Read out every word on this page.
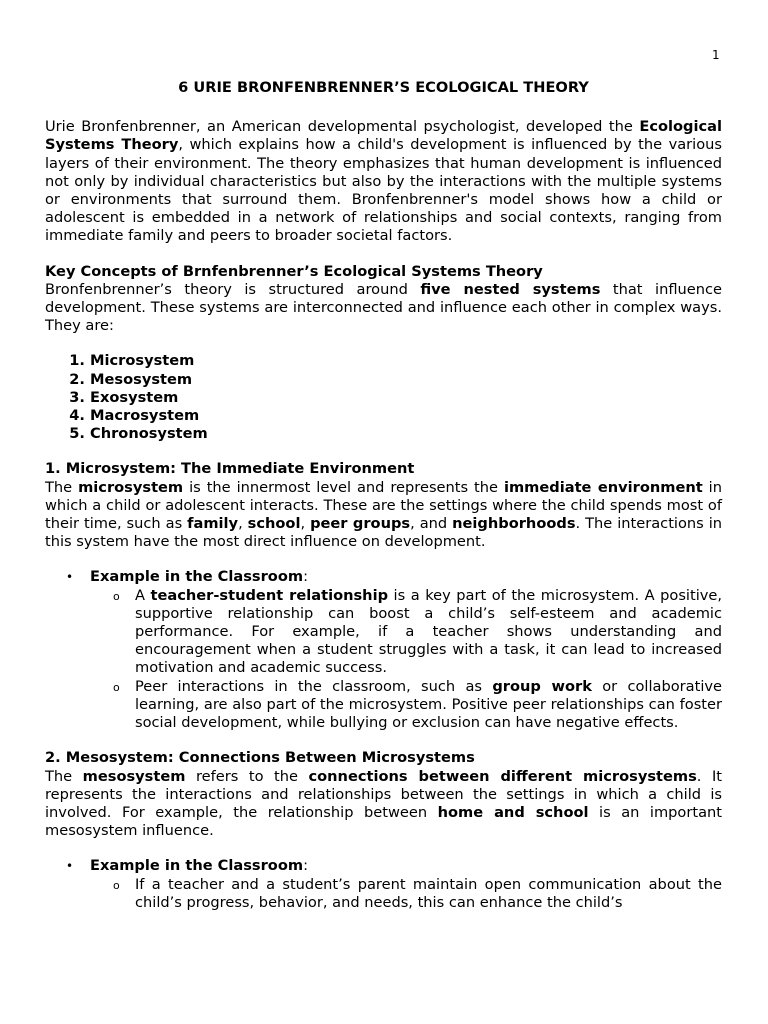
1

6 URIE BRONFENBRENNER’S ECOLOGICAL THEORY

Urie Bronfenbrenner, an American developmental psychologist, developed the Ecological Systems Theory, which explains how a child's development is influenced by the various layers of their environment. The theory emphasizes that human development is influenced not only by individual characteristics but also by the interactions with the multiple systems or environments that surround them. Bronfenbrenner's model shows how a child or adolescent is embedded in a network of relationships and social contexts, ranging from immediate family and peers to broader societal factors.

Key Concepts of Brnfenbrenner’s Ecological Systems Theory

Bronfenbrenner’s theory is structured around five nested systems that influence development. These systems are interconnected and influence each other in complex ways. They are:

1. Microsystem
2. Mesosystem
3. Exosystem
4. Macrosystem
5. Chronosystem

1. Microsystem: The Immediate Environment

The microsystem is the innermost level and represents the immediate environment in which a child or adolescent interacts. These are the settings where the child spends most of their time, such as family, school, peer groups, and neighborhoods. The interactions in this system have the most direct influence on development.

• Example in the Classroom:
o A teacher-student relationship is a key part of the microsystem. A positive, supportive relationship can boost a child’s self-esteem and academic performance. For example, if a teacher shows understanding and encouragement when a student struggles with a task, it can lead to increased motivation and academic success.
o Peer interactions in the classroom, such as group work or collaborative learning, are also part of the microsystem. Positive peer relationships can foster social development, while bullying or exclusion can have negative effects.

2. Mesosystem: Connections Between Microsystems

The mesosystem refers to the connections between different microsystems. It represents the interactions and relationships between the settings in which a child is involved. For example, the relationship between home and school is an important mesosystem influence.

• Example in the Classroom:
o If a teacher and a student’s parent maintain open communication about the child’s progress, behavior, and needs, this can enhance the child’s
